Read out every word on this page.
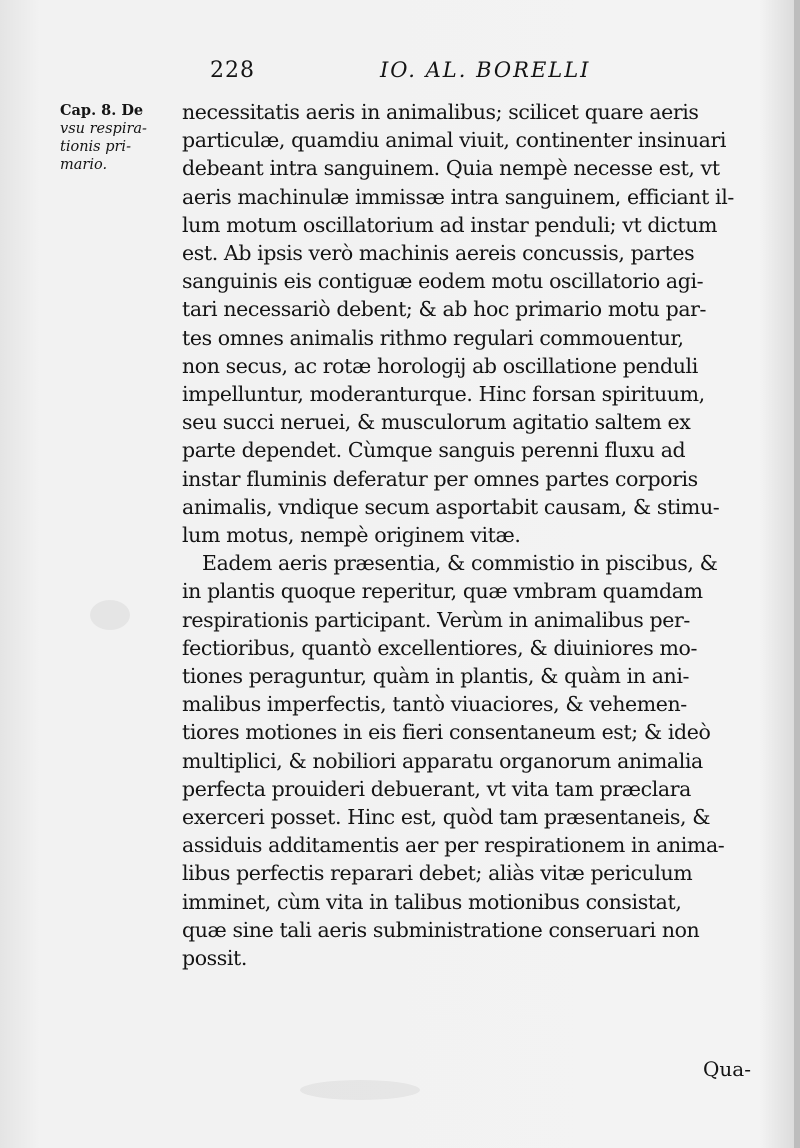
228	IO. AL. BORELLI
Cap. 8. De
vsu respira-
tionis pri-
mario.
necessitatis aeris in animalibus; scilicet quare aeris
particulæ, quamdiu animal viuit, continenter insinuari
debeant intra sanguinem. Quia nempè necesse est, vt
aeris machinulæ immissæ intra sanguinem, efficiant il-
lum motum oscillatorium ad instar penduli; vt dictum
est. Ab ipsis verò machinis aereis concussis, partes
sanguinis eis contiguæ eodem motu oscillatorio agi-
tari necessariò debent; & ab hoc primario motu par-
tes omnes animalis rithmo regulari commouentur,
non secus, ac rotæ horologij ab oscillatione penduli
impelluntur, moderanturque. Hinc forsan spirituum,
seu succi neruei, & musculorum agitatio saltem ex
parte dependet. Cùmque sanguis perenni fluxu ad
instar fluminis deferatur per omnes partes corporis
animalis, vndique secum asportabit causam, & stimu-
lum motus, nempè originem vitæ.
Eadem aeris præsentia, & commistio in piscibus, &
in plantis quoque reperitur, quæ vmbram quamdam
respirationis participant. Verùm in animalibus per-
fectioribus, quantò excellentiores, & diuiniores mo-
tiones peraguntur, quàm in plantis, & quàm in ani-
malibus imperfectis, tantò viuaciores, & vehemen-
tiores motiones in eis fieri consentaneum est; & ideò
multiplici, & nobiliori apparatu organorum animalia
perfecta prouideri debuerant, vt vita tam præclara
exerceri posset. Hinc est, quòd tam præsentaneis, &
assiduis additamentis aer per respirationem in anima-
libus perfectis reparari debet; aliàs vitæ periculum
imminet, cùm vita in talibus motionibus consistat,
quæ sine tali aeris subministratione conseruari non
possit.
Qua-
